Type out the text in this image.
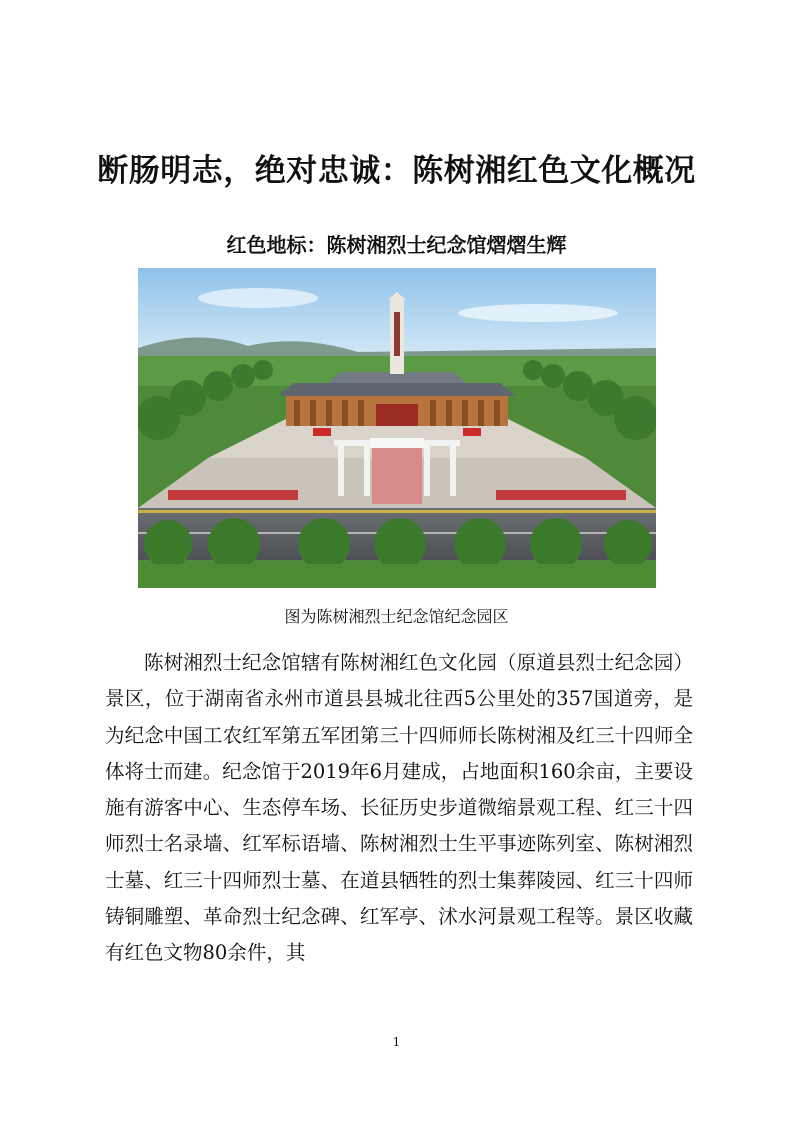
断肠明志，绝对忠诚：陈树湘红色文化概况
红色地标：陈树湘烈士纪念馆熠熠生辉
图为陈树湘烈士纪念馆纪念园区

陈树湘烈士纪念馆辖有陈树湘红色文化园（原道县烈士纪念园）景区，位于湖南省永州市道县县城北往西5公里处的357国道旁，是为纪念中国工农红军第五军团第三十四师师长陈树湘及红三十四师全体将士而建。纪念馆于2019年6月建成，占地面积160余亩，主要设施有游客中心、生态停车场、长征历史步道微缩景观工程、红三十四师烈士名录墙、红军标语墙、陈树湘烈士生平事迹陈列室、陈树湘烈士墓、红三十四师烈士墓、在道县牺牲的烈士集葬陵园、红三十四师铸铜雕塑、革命烈士纪念碑、红军亭、沭水河景观工程等。景区收藏有红色文物80余件，其

1
